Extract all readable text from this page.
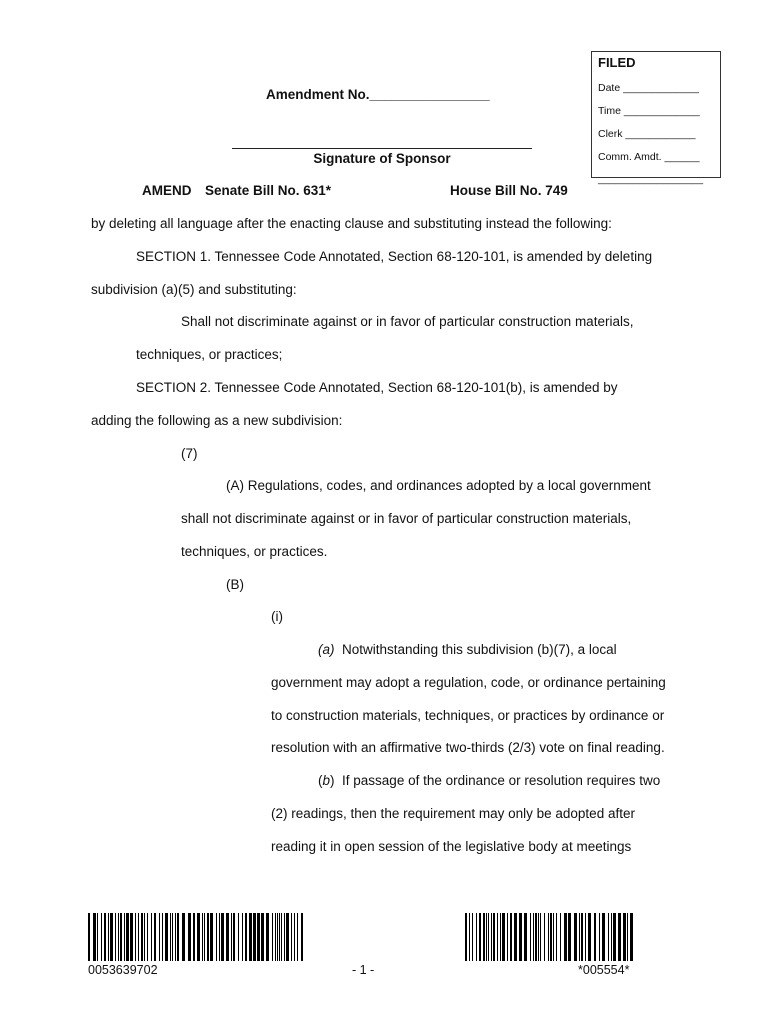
FILED
Date _____________
Time _____________
Clerk ____________
Comm. Amdt. ______
__________________
Amendment No.________________
Signature of Sponsor
AMEND Senate Bill No. 631*	House Bill No. 749
by deleting all language after the enacting clause and substituting instead the following:
SECTION 1. Tennessee Code Annotated, Section 68-120-101, is amended by deleting
subdivision (a)(5) and substituting:
Shall not discriminate against or in favor of particular construction materials,
techniques, or practices;
SECTION 2. Tennessee Code Annotated, Section 68-120-101(b), is amended by
adding the following as a new subdivision:
(7)
(A) Regulations, codes, and ordinances adopted by a local government
shall not discriminate against or in favor of particular construction materials,
techniques, or practices.
(B)
(i)
(a) Notwithstanding this subdivision (b)(7), a local
government may adopt a regulation, code, or ordinance pertaining
to construction materials, techniques, or practices by ordinance or
resolution with an affirmative two-thirds (2/3) vote on final reading.
(b) If passage of the ordinance or resolution requires two
(2) readings, then the requirement may only be adopted after
reading it in open session of the legislative body at meetings
0053639702	- 1 -	*005554*
